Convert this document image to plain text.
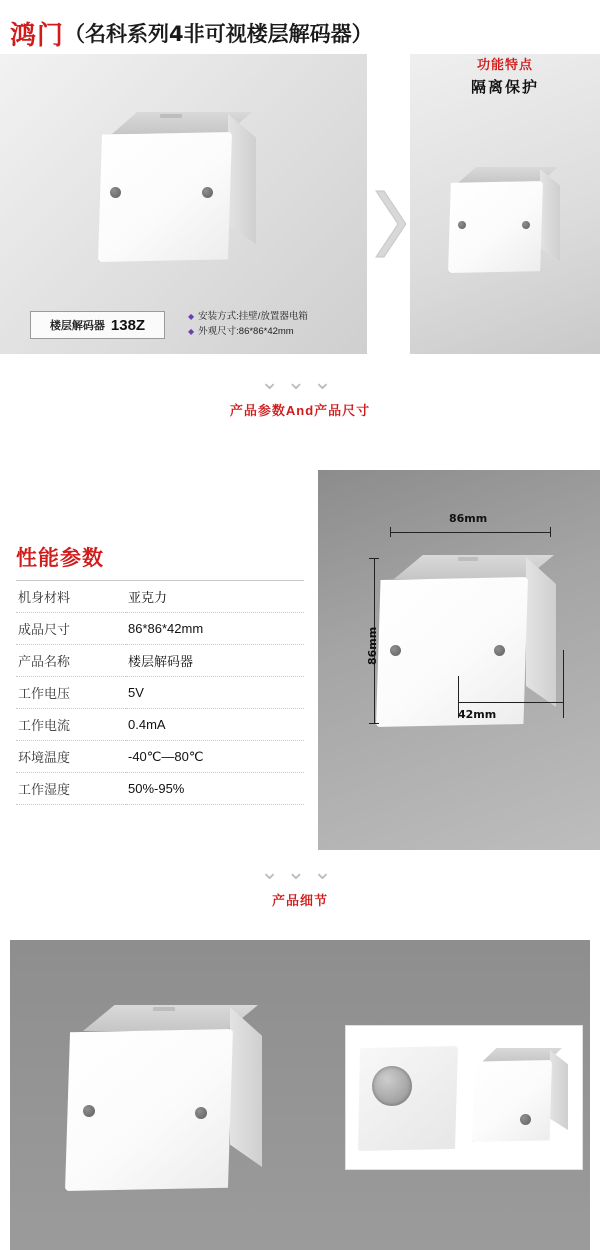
鸿门 （名科系列4非可视楼层解码器）
功能特点
隔离保护
楼层解码器 138Z	◆ 安装方式:挂壁/放置器电箱
◆ 外观尺寸:86*86*42mm
⌄⌄⌄
产品参数And产品尺寸
性能参数
机身材料	亚克力
成品尺寸	86*86*42mm
产品名称	楼层解码器
工作电压	5V
工作电流	0.4mA
环境温度	-40℃—80℃
工作湿度	50%-95%
86mm
86mm
42mm
⌄⌄⌄
产品细节
